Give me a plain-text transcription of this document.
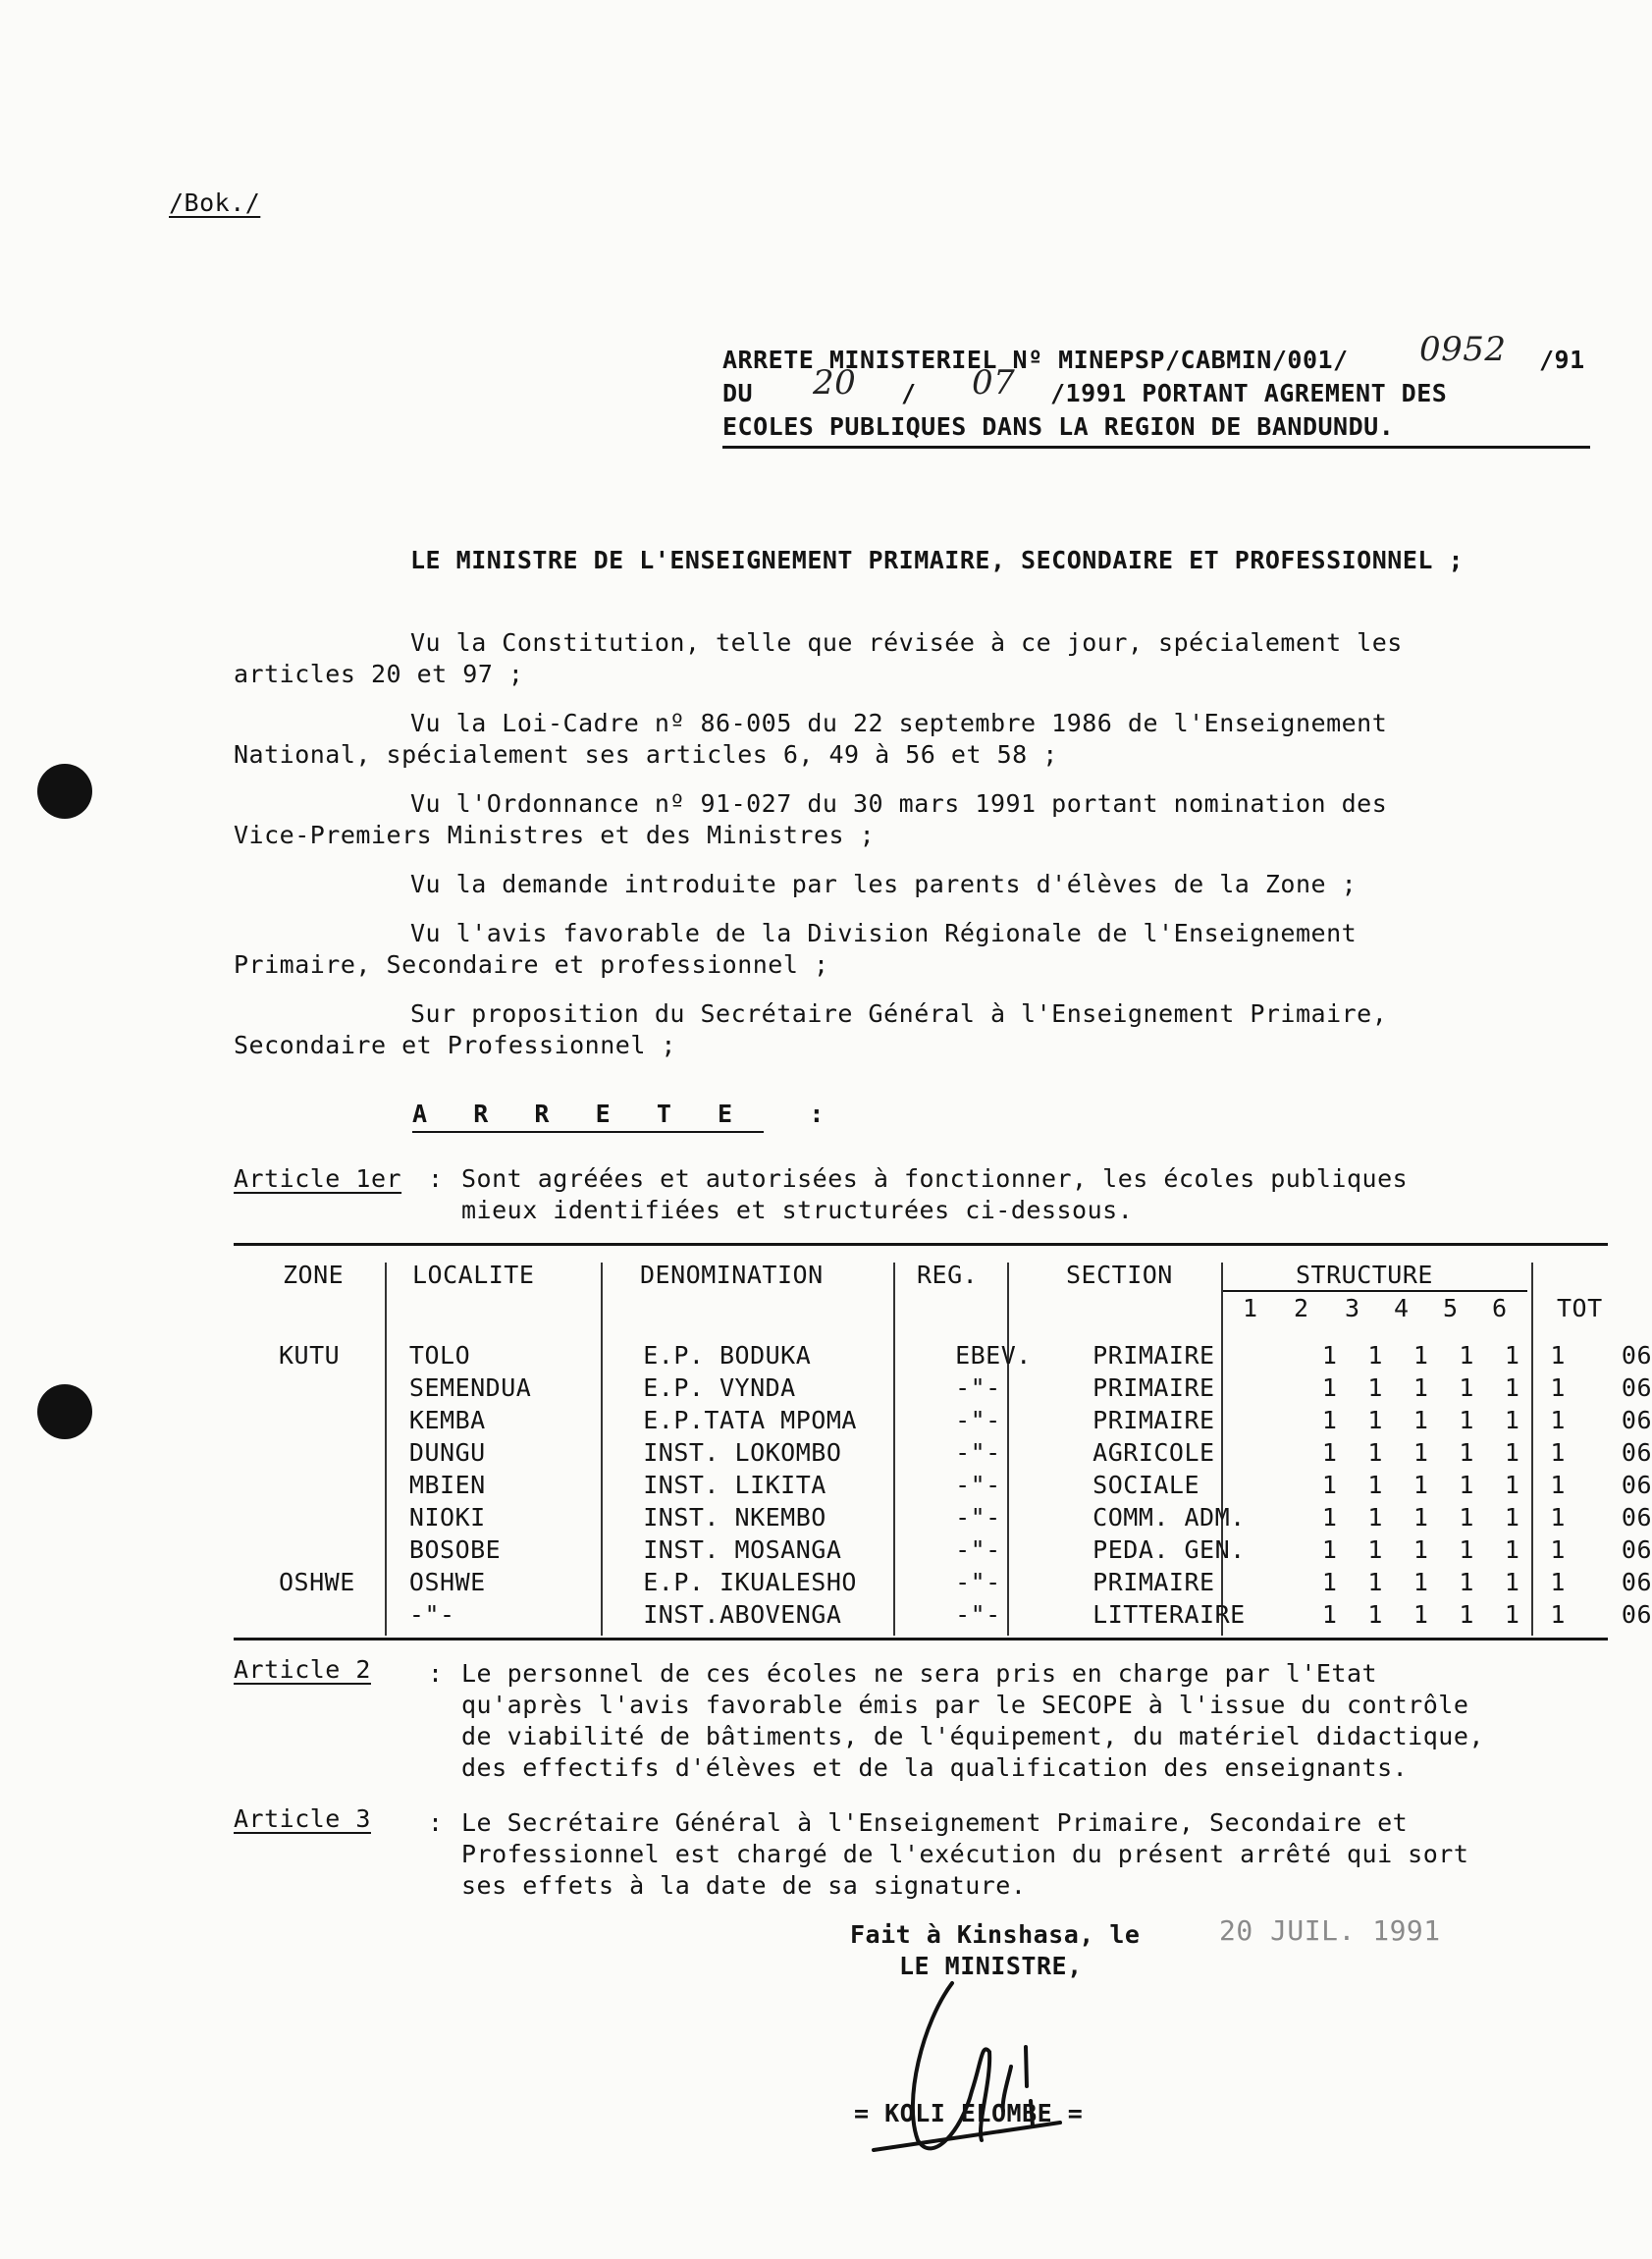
/Bok./
ARRETE MINISTERIEL Nº MINEPSP/CABMIN/001/ 0952 /91
DU 20 / 07 /1991 PORTANT AGREMENT DES
ECOLES PUBLIQUES DANS LA REGION DE BANDUNDU.
LE MINISTRE DE L'ENSEIGNEMENT PRIMAIRE, SECONDAIRE ET PROFESSIONNEL ;
Vu la Constitution, telle que révisée à ce jour, spécialement les
articles 20 et 97 ;
Vu la Loi-Cadre nº 86-005 du 22 septembre 1986 de l'Enseignement
National, spécialement ses articles 6, 49 à 56 et 58 ;
Vu l'Ordonnance nº 91-027 du 30 mars 1991 portant nomination des
Vice-Premiers Ministres et des Ministres ;
Vu la demande introduite par les parents d'élèves de la Zone ;
Vu l'avis favorable de la Division Régionale de l'Enseignement
Primaire, Secondaire et professionnel ;
Sur proposition du Secrétaire Général à l'Enseignement Primaire,
Secondaire et Professionnel ;
A   R   R   E   T   E     :
Article 1er : Sont agréées et autorisées à fonctionner, les écoles publiques
mieux identifiées et structurées ci-dessous.
ZONE	LOCALITE	DENOMINATION	REG.	SECTION	STRUCTURE
1 2 3 4 5 6 TOT
KUTU	TOLO	E.P. BODUKA	EBEV.	PRIMAIRE	1	1	1	1	1	1	06
	SEMENDUA	E.P. VYNDA	-"-	PRIMAIRE	1	1	1	1	1	1	06
	KEMBA	E.P.TATA MPOMA	-"-	PRIMAIRE	1	1	1	1	1	1	06
	DUNGU	INST. LOKOMBO	-"-	AGRICOLE	1	1	1	1	1	1	06
	MBIEN	INST. LIKITA	-"-	SOCIALE	1	1	1	1	1	1	06
	NIOKI	INST. NKEMBO	-"-	COMM. ADM.	1	1	1	1	1	1	06
	BOSOBE	INST. MOSANGA	-"-	PEDA. GEN.	1	1	1	1	1	1	06
OSHWE	OSHWE	E.P. IKUALESHO	-"-	PRIMAIRE	1	1	1	1	1	1	06
	-"-	INST.ABOVENGA	-"-	LITTERAIRE	1	1	1	1	1	1	06
Article 2 : Le personnel de ces écoles ne sera pris en charge par l'Etat
qu'après l'avis favorable émis par le SECOPE à l'issue du contrôle
de viabilité de bâtiments, de l'équipement, du matériel didactique,
des effectifs d'élèves et de la qualification des enseignants.
Article 3 : Le Secrétaire Général à l'Enseignement Primaire, Secondaire et
Professionnel est chargé de l'exécution du présent arrêté qui sort
ses effets à la date de sa signature.
Fait à Kinshasa, le	20 JUIL. 1991
LE MINISTRE,
= KOLI ELOMBE =
